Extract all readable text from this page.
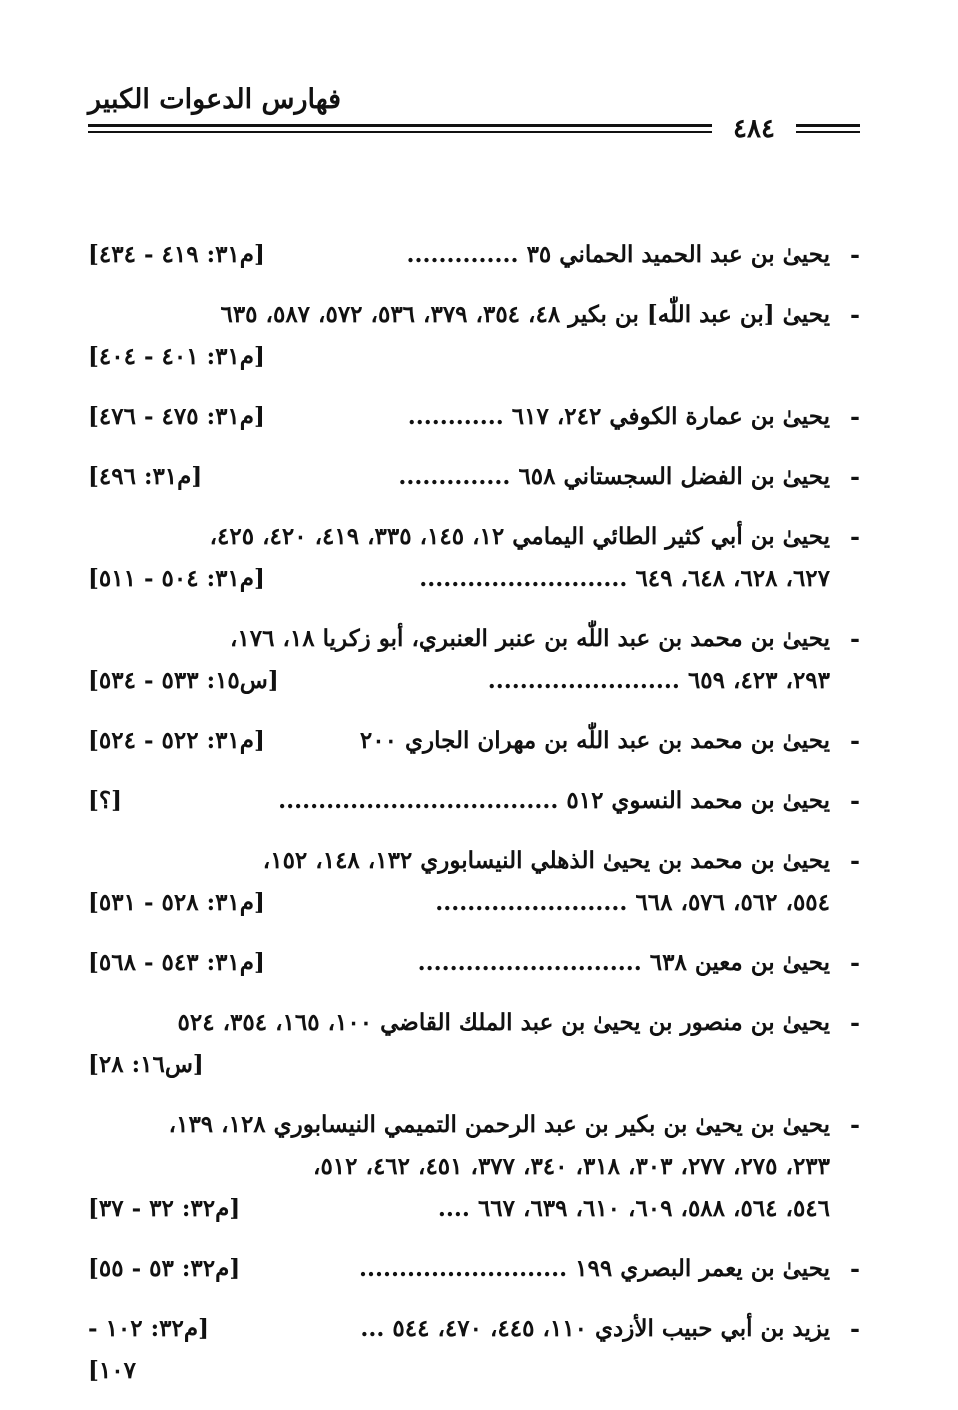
فهارس الدعوات الكبير
٤٨٤
-
يحيىٰ بن عبد الحميد الحماني ٣٥ ..............
[م٣١: ٤١٩ - ٤٣٤]
-
يحيىٰ [بن عبد اللّٰه] بن بكير ٤٨، ٣٥٤، ٣٧٩، ٥٣٦، ٥٧٢، ٥٨٧، ٦٣٥
[م٣١: ٤٠١ - ٤٠٤]
-
يحيىٰ بن عمارة الكوفي ٢٤٢، ٦١٧ ............
[م٣١: ٤٧٥ - ٤٧٦]
-
يحيىٰ بن الفضل السجستاني ٦٥٨ ..............
[م٣١: ٤٩٦]
-
يحيىٰ بن أبي كثير الطائي اليمامي ١٢، ١٤٥، ٣٣٥، ٤١٩، ٤٢٠، ٤٢٥،
٦٢٧، ٦٢٨، ٦٤٨، ٦٤٩ ..........................
[م٣١: ٥٠٤ - ٥١١]
-
يحيىٰ بن محمد بن عبد اللّٰه بن عنبر العنبري، أبو زكريا ١٨، ١٧٦،
٢٩٣، ٤٢٣، ٦٥٩ ........................
[س١٥: ٥٣٣ - ٥٣٤]
-
يحيىٰ بن محمد بن عبد اللّٰه بن مهران الجاري ٢٠٠
[م٣١: ٥٢٢ - ٥٢٤]
-
يحيىٰ بن محمد النسوي ٥١٢ ...................................
[؟]
-
يحيىٰ بن محمد بن يحيىٰ الذهلي النيسابوري ١٣٢، ١٤٨، ١٥٢،
٥٥٤، ٥٦٢، ٥٧٦، ٦٦٨ ........................
[م٣١: ٥٢٨ - ٥٣١]
-
يحيىٰ بن معين ٦٣٨ ............................
[م٣١: ٥٤٣ - ٥٦٨]
-
يحيىٰ بن منصور بن يحيىٰ بن عبد الملك القاضي ١٠٠، ١٦٥، ٣٥٤، ٥٢٤
[س١٦: ٢٨]
-
يحيىٰ بن يحيىٰ بن بكير بن عبد الرحمن التميمي النيسابوري ١٢٨، ١٣٩،
٢٣٣، ٢٧٥، ٢٧٧، ٣٠٣، ٣١٨، ٣٤٠، ٣٧٧، ٤٥١، ٤٦٢، ٥١٢،
٥٤٦، ٥٦٤، ٥٨٨، ٦٠٩، ٦١٠، ٦٣٩، ٦٦٧ ....
[م٣٢: ٣٢ - ٣٧]
-
يحيىٰ بن يعمر البصري ١٩٩ ..........................
[م٣٢: ٥٣ - ٥٥]
-
يزيد بن أبي حبيب الأزدي ١١٠، ٤٤٥، ٤٧٠، ٥٤٤ ...
[م٣٢: ١٠٢ -
١٠٧]
